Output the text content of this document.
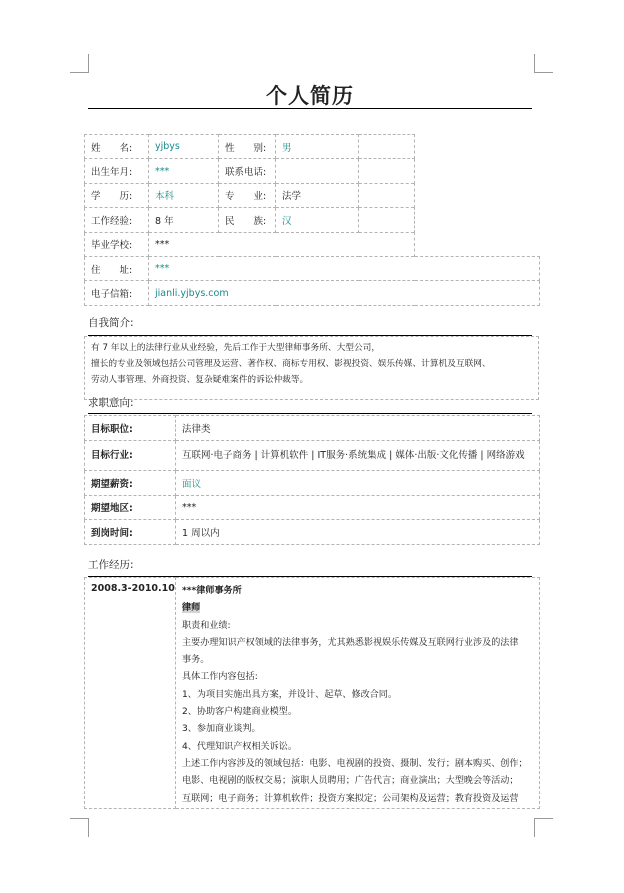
个人简历
姓　　名:	yjbys	性　　别:	男		
出生年月:	***	联系电话:			
学　　历:	本科	专　　业:	法学		
工作经验:	8 年	民　　族:	汉		
毕业学校:	***				
住　　址:	***				
电子信箱:	jianli.yjbys.com				
自我简介:
有 7 年以上的法律行业从业经验，先后工作于大型律师事务所、大型公司，
擅长的专业及领域包括公司管理及运营、著作权、商标专用权、影视投资、娱乐传媒、计算机及互联网、
劳动人事管理、外商投资、复杂疑难案件的诉讼仲裁等。
求职意向:
目标职位:	法律类
目标行业:	互联网·电子商务 | 计算机软件 | IT服务·系统集成 | 媒体·出版·文化传播 | 网络游戏
期望薪资:	面议
期望地区:	***
到岗时间:	1 周以内
工作经历:
2008.3-2010.10	***律师事务所
律师
职责和业绩:
主要办理知识产权领域的法律事务，尤其熟悉影视娱乐传媒及互联网行业涉及的法律
事务。
具体工作内容包括:
1、为项目实施出具方案，并设计、起草、修改合同。
2、协助客户构建商业模型。
3、参加商业谈判。
4、代理知识产权相关诉讼。
上述工作内容涉及的领域包括：电影、电视剧的投资、摄制、发行；剧本购买、创作；
电影、电视剧的版权交易；演职人员聘用；广告代言；商业演出；大型晚会等活动；
互联网；电子商务；计算机软件；投资方案拟定；公司架构及运营；教育投资及运营
